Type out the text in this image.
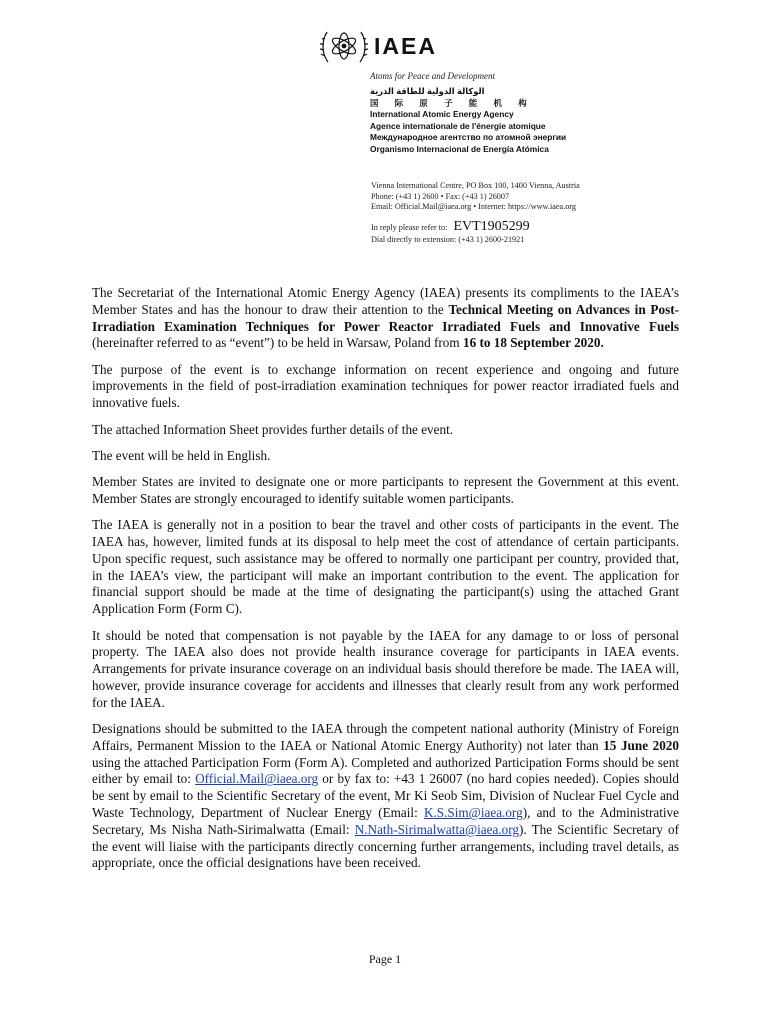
IAEA
Atoms for Peace and Development
الوكالة الدولية للطاقة الذرية
国 际 原 子 能 机 构
International Atomic Energy Agency
Agence internationale de l'énergie atomique
Международное агентство по атомной энергии
Organismo Internacional de Energía Atómica
Vienna International Centre, PO Box 100, 1400 Vienna, Austria
Phone: (+43 1) 2600 • Fax: (+43 1) 26007
Email: Official.Mail@iaea.org • Internet: https://www.iaea.org
In reply please refer to: EVT1905299
Dial directly to extension: (+43 1) 2600-21921

The Secretariat of the International Atomic Energy Agency (IAEA) presents its compliments to the IAEA’s Member States and has the honour to draw their attention to the Technical Meeting on Advances in Post-Irradiation Examination Techniques for Power Reactor Irradiated Fuels and Innovative Fuels (hereinafter referred to as “event”) to be held in Warsaw, Poland from 16 to 18 September 2020.

The purpose of the event is to exchange information on recent experience and ongoing and future improvements in the field of post-irradiation examination techniques for power reactor irradiated fuels and innovative fuels.

The attached Information Sheet provides further details of the event.

The event will be held in English.

Member States are invited to designate one or more participants to represent the Government at this event. Member States are strongly encouraged to identify suitable women participants.

The IAEA is generally not in a position to bear the travel and other costs of participants in the event. The IAEA has, however, limited funds at its disposal to help meet the cost of attendance of certain participants. Upon specific request, such assistance may be offered to normally one participant per country, provided that, in the IAEA’s view, the participant will make an important contribution to the event. The application for financial support should be made at the time of designating the participant(s) using the attached Grant Application Form (Form C).

It should be noted that compensation is not payable by the IAEA for any damage to or loss of personal property. The IAEA also does not provide health insurance coverage for participants in IAEA events. Arrangements for private insurance coverage on an individual basis should therefore be made. The IAEA will, however, provide insurance coverage for accidents and illnesses that clearly result from any work performed for the IAEA.

Designations should be submitted to the IAEA through the competent national authority (Ministry of Foreign Affairs, Permanent Mission to the IAEA or National Atomic Energy Authority) not later than 15 June 2020 using the attached Participation Form (Form A). Completed and authorized Participation Forms should be sent either by email to: Official.Mail@iaea.org or by fax to: +43 1 26007 (no hard copies needed). Copies should be sent by email to the Scientific Secretary of the event, Mr Ki Seob Sim, Division of Nuclear Fuel Cycle and Waste Technology, Department of Nuclear Energy (Email: K.S.Sim@iaea.org), and to the Administrative Secretary, Ms Nisha Nath-Sirimalwatta (Email: N.Nath-Sirimalwatta@iaea.org). The Scientific Secretary of the event will liaise with the participants directly concerning further arrangements, including travel details, as appropriate, once the official designations have been received.

Page 1
